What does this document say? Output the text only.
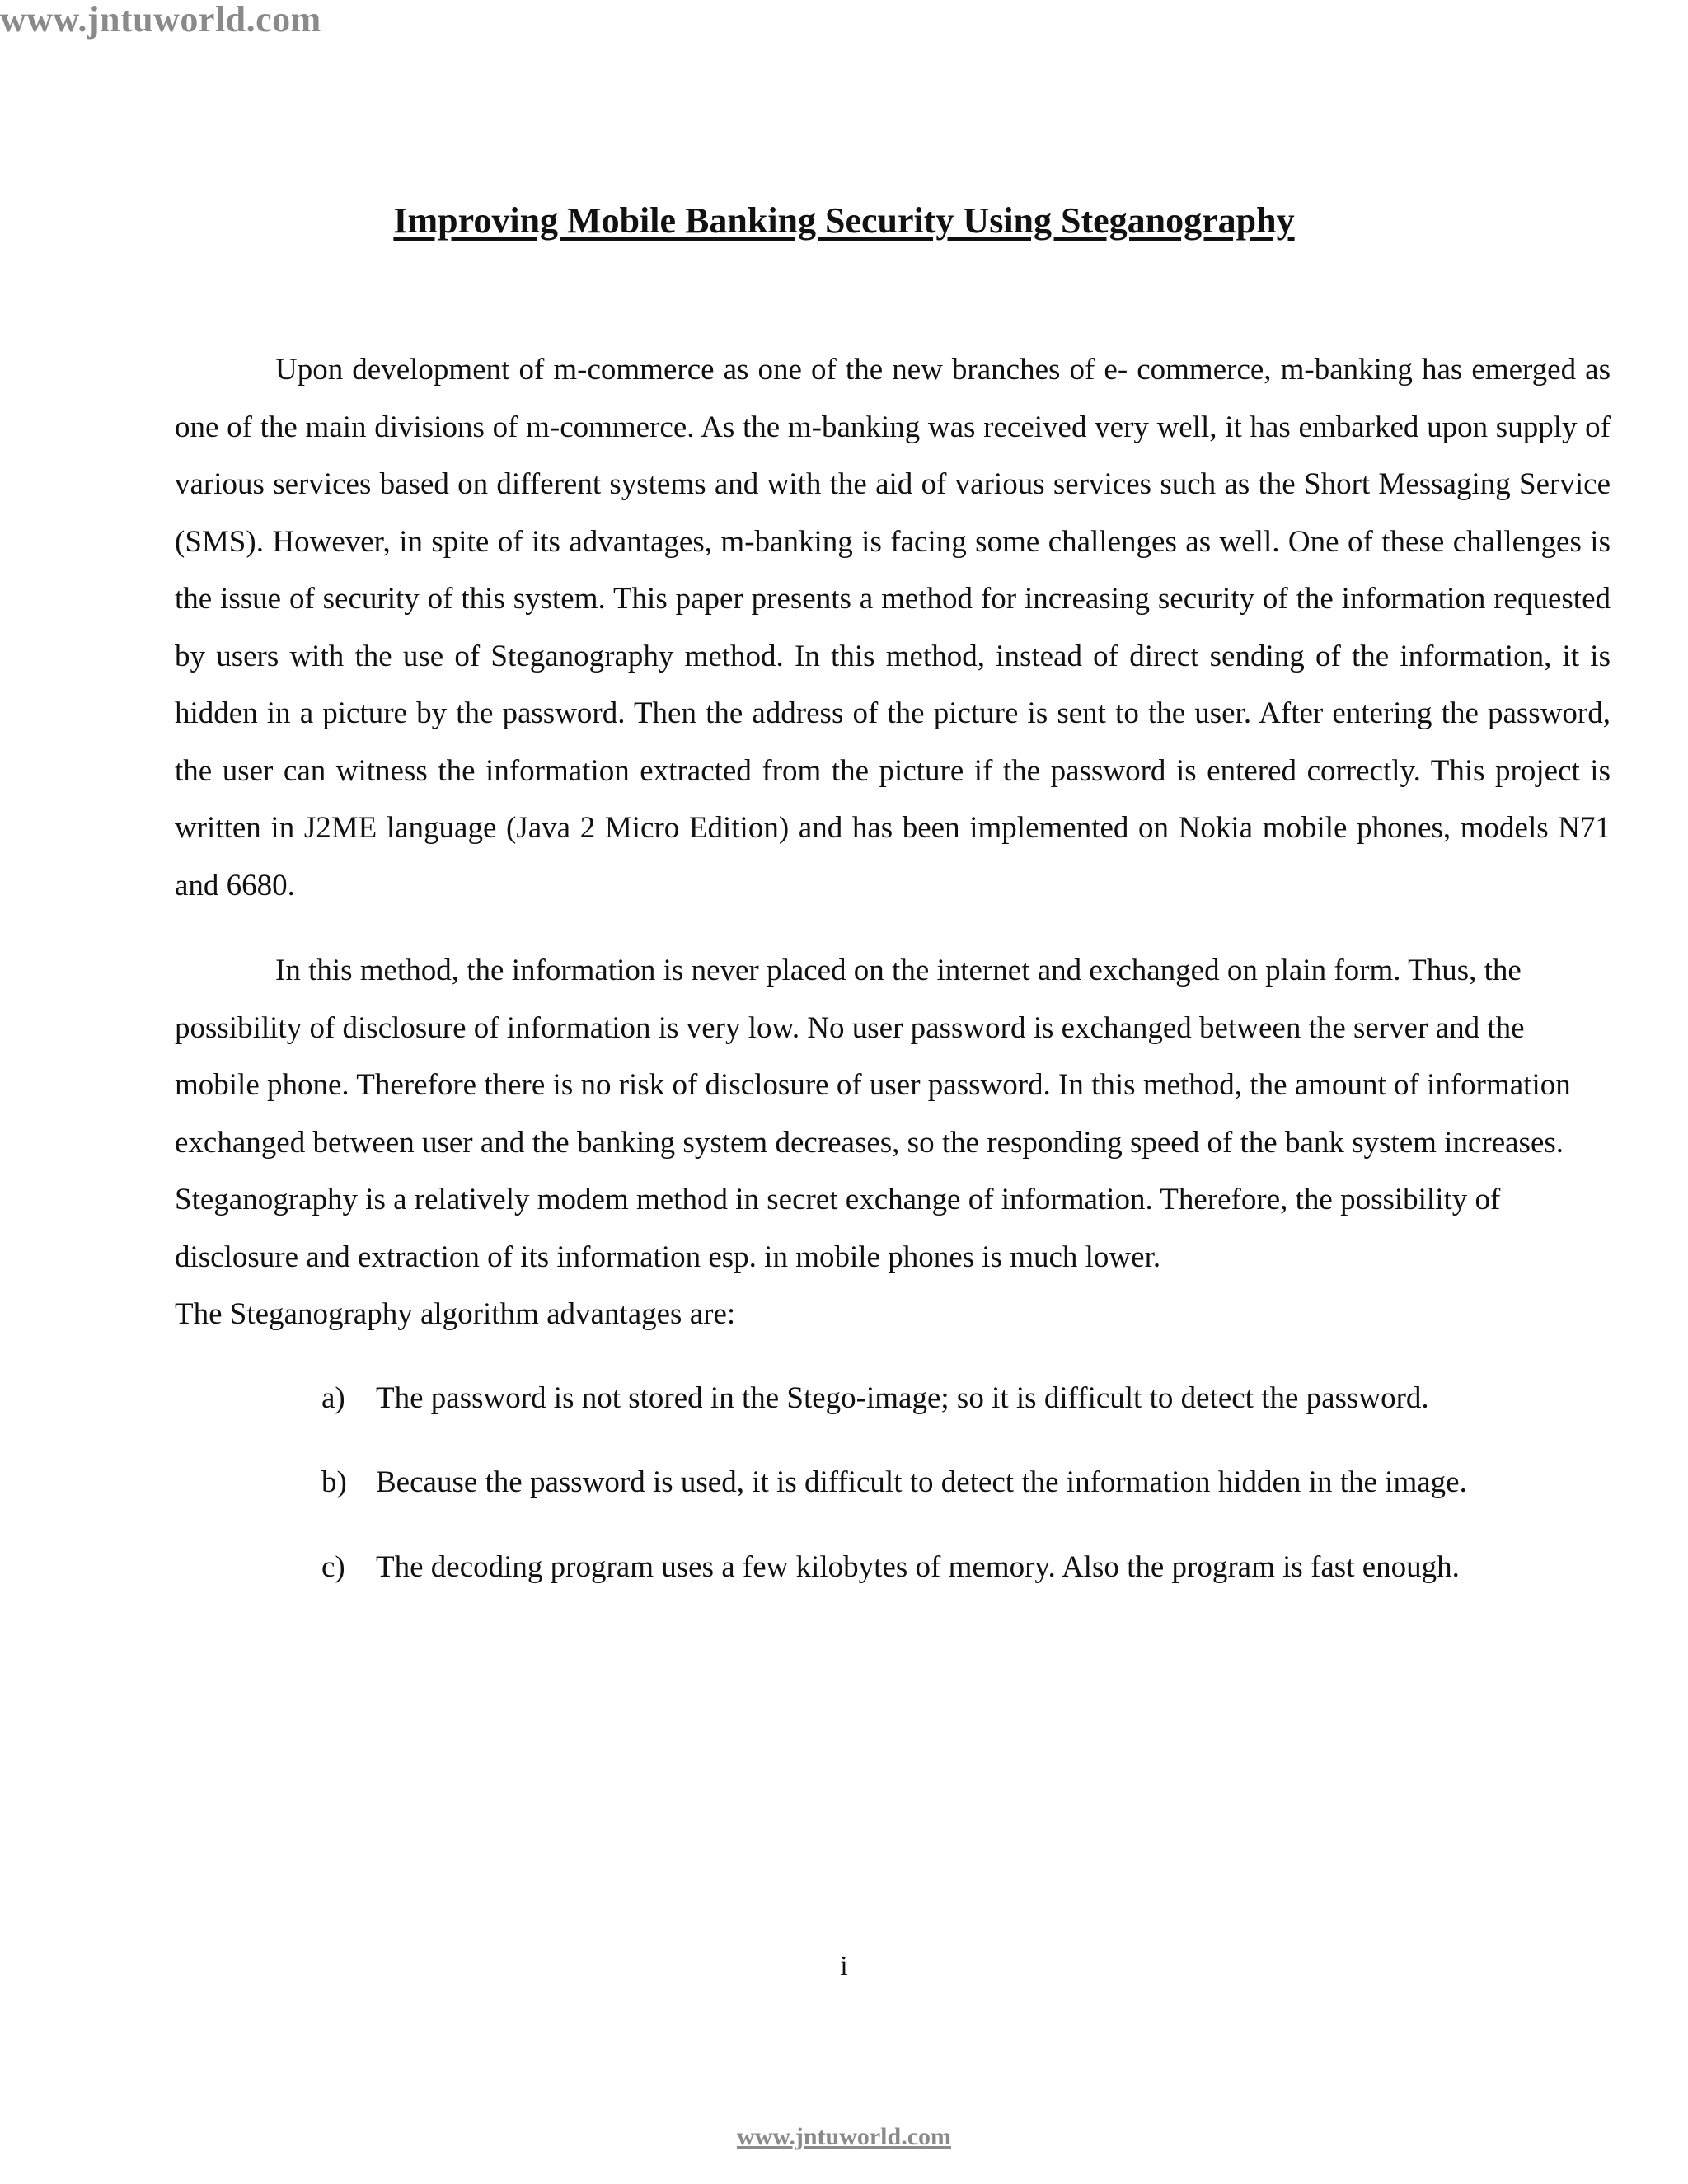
www.jntuworld.com
Improving Mobile Banking Security Using Steganography

Upon development of m-commerce as one of the new branches of e- commerce, m-banking has emerged as one of the main divisions of m-commerce. As the m-banking was received very well, it has embarked upon supply of various services based on different systems and with the aid of various services such as the Short Messaging Service (SMS). However, in spite of its advantages, m-banking is facing some challenges as well. One of these challenges is the issue of security of this system. This paper presents a method for increasing security of the information requested by users with the use of Steganography method. In this method, instead of direct sending of the information, it is hidden in a picture by the password. Then the address of the picture is sent to the user. After entering the password, the user can witness the information extracted from the picture if the password is entered correctly. This project is written in J2ME language (Java 2 Micro Edition) and has been implemented on Nokia mobile phones, models N71 and 6680.

In this method, the information is never placed on the internet and exchanged on plain form. Thus, the possibility of disclosure of information is very low. No user password is exchanged between the server and the mobile phone. Therefore there is no risk of disclosure of user password. In this method, the amount of information exchanged between user and the banking system decreases, so the responding speed of the bank system increases. Steganography is a relatively modem method in secret exchange of information. Therefore, the possibility of disclosure and extraction of its information esp. in mobile phones is much lower.

The Steganography algorithm advantages are:

a)	The password is not stored in the Stego-image; so it is difficult to detect the password.
b) Because the password is used, it is difficult to detect the information hidden in the image.
c)	The decoding program uses a few kilobytes of memory. Also the program is fast enough.
i
www.jntuworld.com
